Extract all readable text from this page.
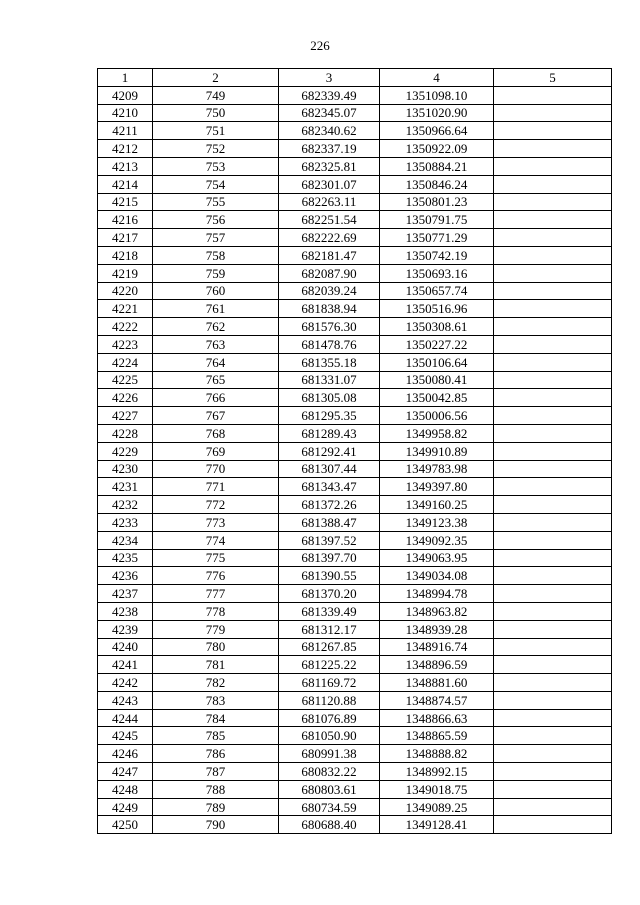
226
1	2	3	4	5
4209	749	682339.49	1351098.10	
4210	750	682345.07	1351020.90	
4211	751	682340.62	1350966.64	
4212	752	682337.19	1350922.09	
4213	753	682325.81	1350884.21	
4214	754	682301.07	1350846.24	
4215	755	682263.11	1350801.23	
4216	756	682251.54	1350791.75	
4217	757	682222.69	1350771.29	
4218	758	682181.47	1350742.19	
4219	759	682087.90	1350693.16	
4220	760	682039.24	1350657.74	
4221	761	681838.94	1350516.96	
4222	762	681576.30	1350308.61	
4223	763	681478.76	1350227.22	
4224	764	681355.18	1350106.64	
4225	765	681331.07	1350080.41	
4226	766	681305.08	1350042.85	
4227	767	681295.35	1350006.56	
4228	768	681289.43	1349958.82	
4229	769	681292.41	1349910.89	
4230	770	681307.44	1349783.98	
4231	771	681343.47	1349397.80	
4232	772	681372.26	1349160.25	
4233	773	681388.47	1349123.38	
4234	774	681397.52	1349092.35	
4235	775	681397.70	1349063.95	
4236	776	681390.55	1349034.08	
4237	777	681370.20	1348994.78	
4238	778	681339.49	1348963.82	
4239	779	681312.17	1348939.28	
4240	780	681267.85	1348916.74	
4241	781	681225.22	1348896.59	
4242	782	681169.72	1348881.60	
4243	783	681120.88	1348874.57	
4244	784	681076.89	1348866.63	
4245	785	681050.90	1348865.59	
4246	786	680991.38	1348888.82	
4247	787	680832.22	1348992.15	
4248	788	680803.61	1349018.75	
4249	789	680734.59	1349089.25	
4250	790	680688.40	1349128.41	
